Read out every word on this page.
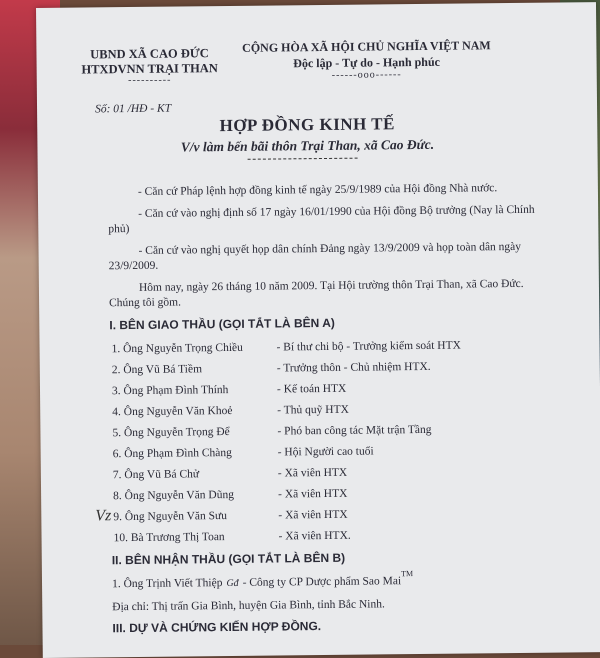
UBND XÃ CAO ĐỨC
HTXDVNN TRẠI THAN
----------
CỘNG HÒA XÃ HỘI CHỦ NGHĨA VIỆT NAM
Độc lập - Tự do - Hạnh phúc
------ooo------
Số: 01 /HĐ - KT
HỢP ĐỒNG KINH TẾ
V/v làm bến bãi thôn Trại Than, xã Cao Đức.
Vz

- Căn cứ Pháp lệnh hợp đồng kinh tế ngày 25/9/1989 của Hội đồng Nhà nước.

- Căn cứ vào nghị định số 17 ngày 16/01/1990 của Hội đồng Bộ trưởng (Nay là Chính phủ)

- Căn cứ vào nghị quyết họp dân chính Đảng ngày 13/9/2009 và họp toàn dân ngày 23/9/2009.

Hôm nay, ngày 26 tháng 10 năm 2009. Tại Hội trường thôn Trại Than, xã Cao Đức. Chúng tôi gồm.

I. BÊN GIAO THẦU (GỌI TẮT LÀ BÊN A)

1. Ông Nguyễn Trọng Chiều	- Bí thư chi bộ - Trưởng kiểm soát HTX
2. Ông Vũ Bá Tiềm	- Trưởng thôn - Chủ nhiệm HTX.
3. Ông Phạm Đình Thính	- Kế toán HTX
4. Ông Nguyễn Văn Khoẻ	- Thủ quỹ HTX
5. Ông Nguyễn Trọng Để	- Phó ban công tác Mặt trận Tầng
6. Ông Phạm Đình Chàng	- Hội Người cao tuổi
7. Ông Vũ Bá Chử	- Xã viên HTX
8. Ông Nguyễn Văn Dũng	- Xã viên HTX
9. Ông Nguyễn Văn Sưu	- Xã viên HTX
10. Bà Trương Thị Toan	- Xã viên HTX.

II. BÊN NHẬN THẦU (GỌI TẮT LÀ BÊN B)

1. Ông Trịnh Viết Thiệp Gđ - Công ty CP Dược phẩm Sao Mai
TM

Địa chỉ: Thị trấn Gia Bình, huyện Gia Bình, tỉnh Bắc Ninh.

III. DỰ VÀ CHỨNG KIẾN HỢP ĐỒNG.
